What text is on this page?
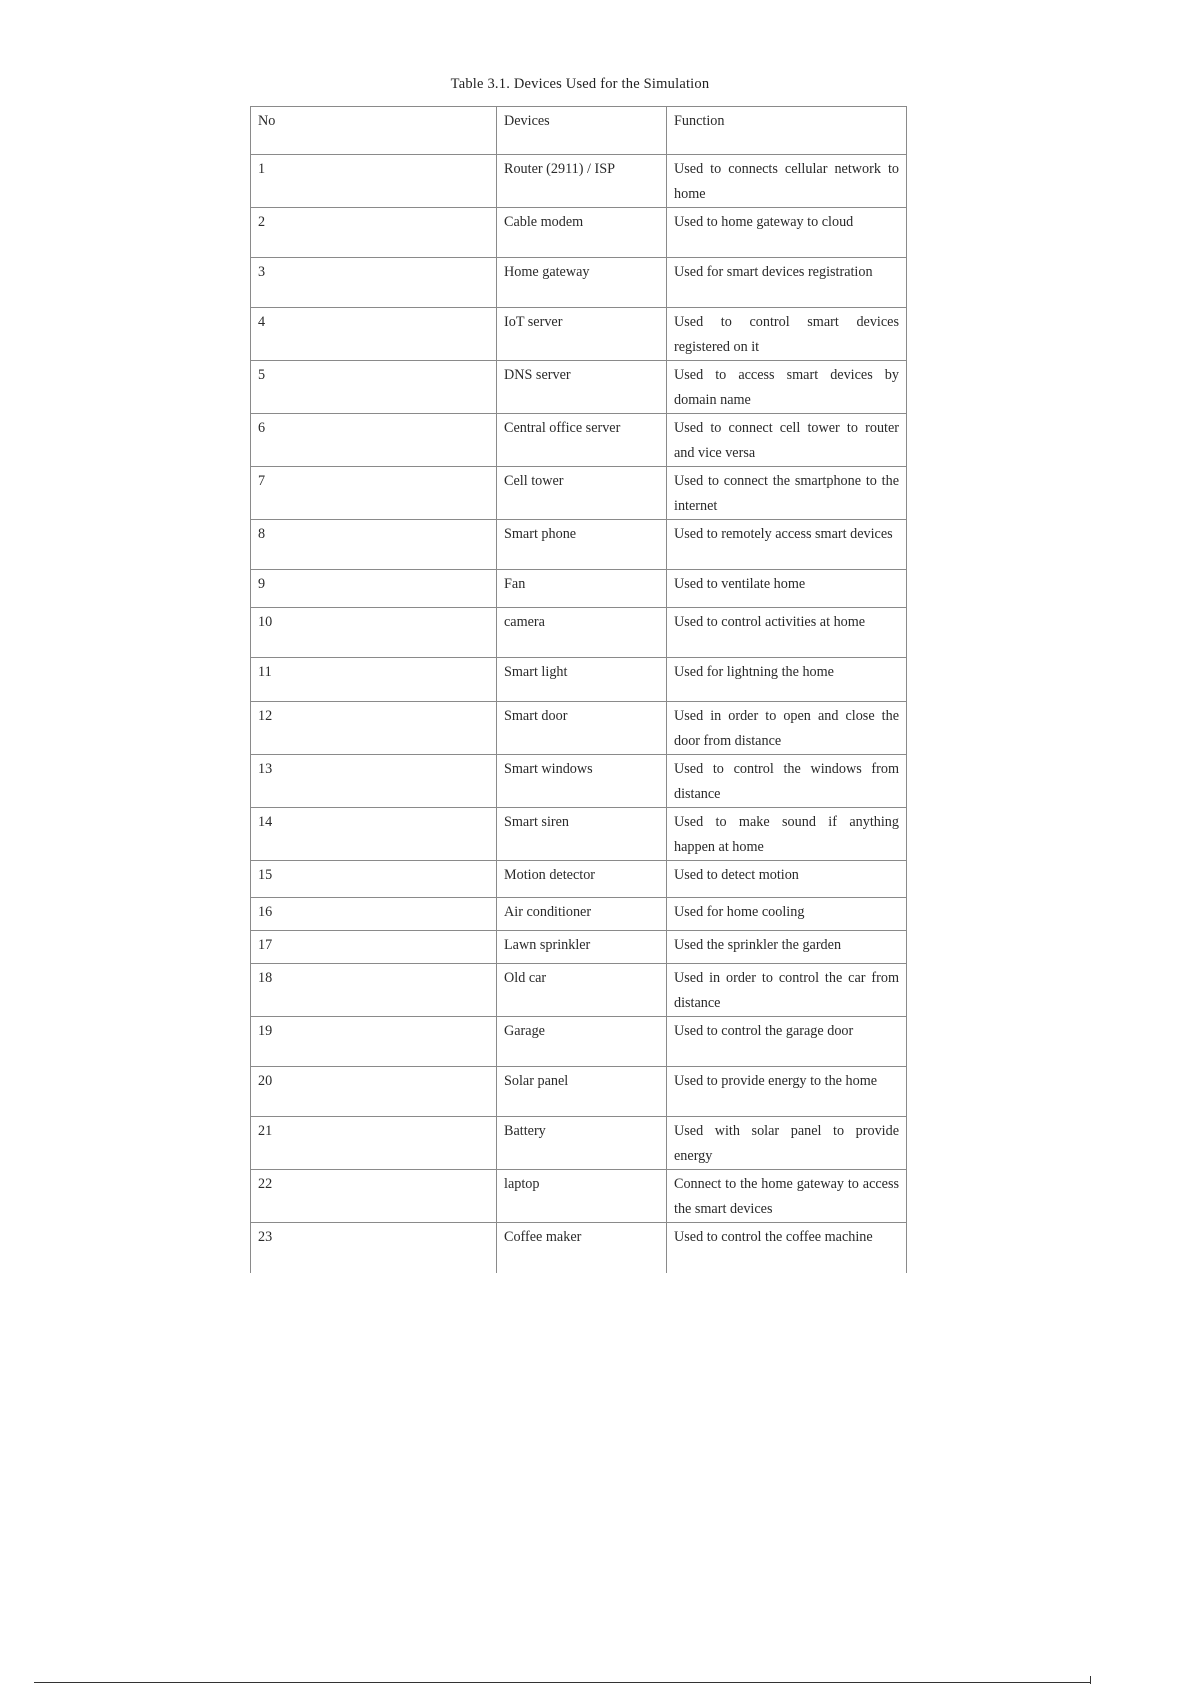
Table 3.1. Devices Used for the Simulation
No	Devices	Function
1	Router (2911) / ISP	Used to connects cellular network to home
2	Cable modem	Used to home gateway to cloud
3	Home gateway	Used for smart devices registration
4	IoT server	Used to control smart devices registered on it
5	DNS server	Used to access smart devices by domain name
6	Central office server	Used to connect cell tower to router and vice versa
7	Cell tower	Used to connect the smartphone to the internet
8	Smart phone	Used to remotely access smart devices
9	Fan	Used to ventilate home
10	camera	Used to control activities at home
11	Smart light	Used for lightning the home
12	Smart door	Used in order to open and close the door from distance
13	Smart windows	Used to control the windows from distance
14	Smart siren	Used to make sound if anything happen at home
15	Motion detector	Used to detect motion
16	Air conditioner	Used for home cooling
17	Lawn sprinkler	Used the sprinkler the garden
18	Old car	Used in order to control the car from distance
19	Garage	Used to control the garage door
20	Solar panel	Used to provide energy to the home
21	Battery	Used with solar panel to provide energy
22	laptop	Connect to the home gateway to access the smart devices
23	Coffee maker	Used to control the coffee machine
